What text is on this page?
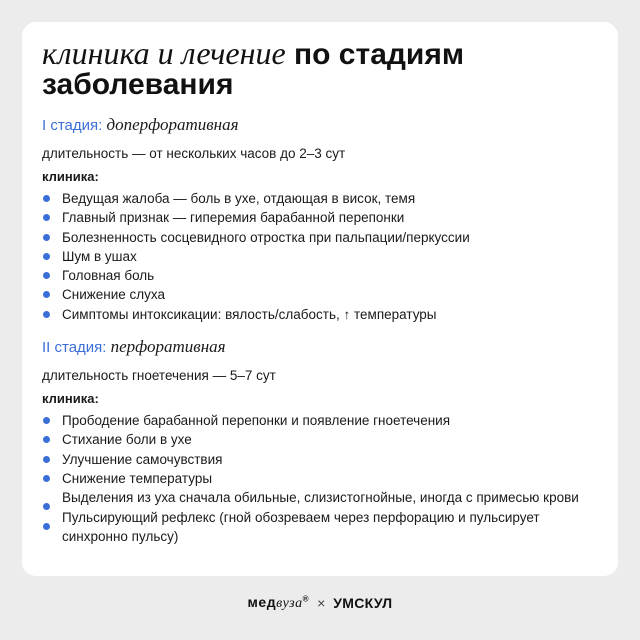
клиника и лечение по стадиям
заболевания
I стадия: доперфоративная
длительность — от нескольких часов до 2–3 сут
клиника:
Ведущая жалоба — боль в ухе, отдающая в висок, темя
Главный признак — гиперемия барабанной перепонки
Болезненность сосцевидного отростка при пальпации/перкуссии
Шум в ушах
Головная боль
Снижение слуха
Симптомы интоксикации: вялость/слабость, ↑ температуры
II стадия: перфоративная
длительность гноетечения — 5–7 сут
клиника:
Прободение барабанной перепонки и появление гноетечения
Стихание боли в ухе
Улучшение самочувствия
Снижение температуры
Выделения из уха сначала обильные, слизистогнойные, иногда с примесью крови
Пульсирующий рефлекс (гной обозреваем через перфорацию и пульсирует синхронно пульсу)
медвуза® × УМСКУЛ
